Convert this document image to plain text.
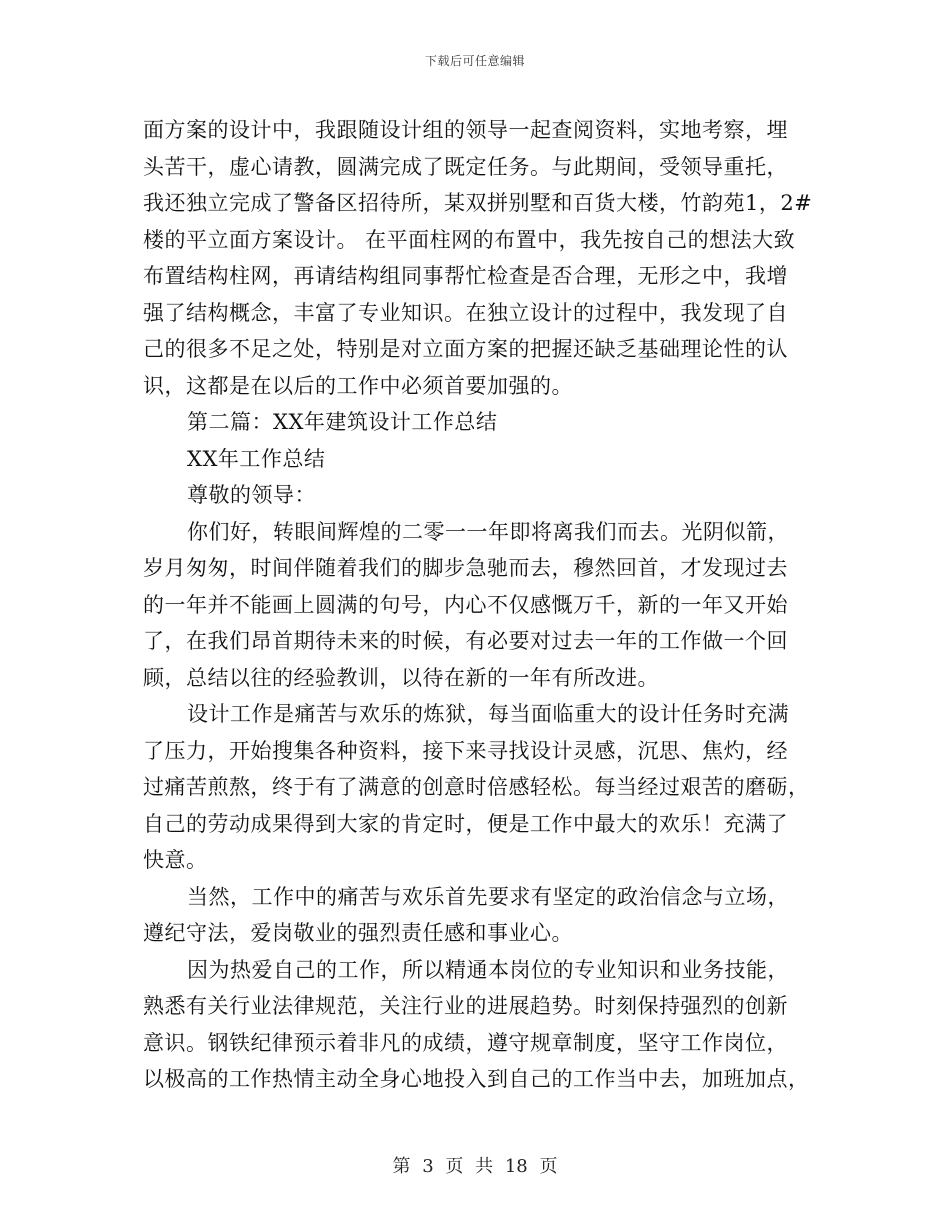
下载后可任意编辑
面方案的设计中，我跟随设计组的领导一起查阅资料，实地考察，埋
头苦干，虚心请教，圆满完成了既定任务。与此期间，受领导重托，
我还独立完成了警备区招待所，某双拼别墅和百货大楼，竹韵苑1，2#
楼的平立面方案设计。 在平面柱网的布置中，我先按自己的想法大致
布置结构柱网，再请结构组同事帮忙检查是否合理，无形之中，我增
强了结构概念，丰富了专业知识。在独立设计的过程中，我发现了自
己的很多不足之处，特别是对立面方案的把握还缺乏基础理论性的认
识，这都是在以后的工作中必须首要加强的。
第二篇：XX年建筑设计工作总结
XX年工作总结
尊敬的领导：
你们好，转眼间辉煌的二零一一年即将离我们而去。光阴似箭，
岁月匆匆，时间伴随着我们的脚步急驰而去，穆然回首，才发现过去
的一年并不能画上圆满的句号，内心不仅感慨万千，新的一年又开始
了，在我们昂首期待未来的时候，有必要对过去一年的工作做一个回
顾，总结以往的经验教训，以待在新的一年有所改进。
设计工作是痛苦与欢乐的炼狱，每当面临重大的设计任务时充满
了压力，开始搜集各种资料，接下来寻找设计灵感，沉思、焦灼，经
过痛苦煎熬，终于有了满意的创意时倍感轻松。每当经过艰苦的磨砺，
自己的劳动成果得到大家的肯定时，便是工作中最大的欢乐！充满了
快意。
当然，工作中的痛苦与欢乐首先要求有坚定的政治信念与立场，
遵纪守法，爱岗敬业的强烈责任感和事业心。
因为热爱自己的工作，所以精通本岗位的专业知识和业务技能，
熟悉有关行业法律规范，关注行业的进展趋势。时刻保持强烈的创新
意识。钢铁纪律预示着非凡的成绩，遵守规章制度，坚守工作岗位，
以极高的工作热情主动全身心地投入到自己的工作当中去，加班加点，
第 3 页 共 18 页
